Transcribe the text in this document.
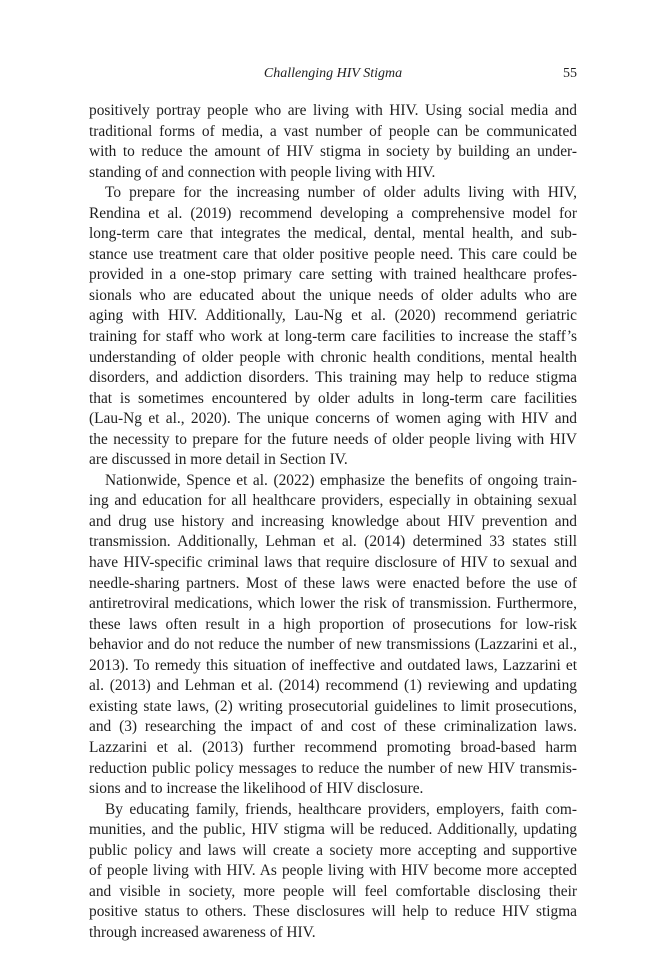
Challenging HIV Stigma	55
positively portray people who are living with HIV. Using social media and
traditional forms of media, a vast number of people can be communicated
with to reduce the amount of HIV stigma in society by building an under-
standing of and connection with people living with HIV.
To prepare for the increasing number of older adults living with HIV,
Rendina et al. (2019) recommend developing a comprehensive model for
long-term care that integrates the medical, dental, mental health, and sub-
stance use treatment care that older positive people need. This care could be
provided in a one-stop primary care setting with trained healthcare profes-
sionals who are educated about the unique needs of older adults who are
aging with HIV. Additionally, Lau-Ng et al. (2020) recommend geriatric
training for staff who work at long-term care facilities to increase the staff’s
understanding of older people with chronic health conditions, mental health
disorders, and addiction disorders. This training may help to reduce stigma
that is sometimes encountered by older adults in long-term care facilities
(Lau-Ng et al., 2020). The unique concerns of women aging with HIV and
the necessity to prepare for the future needs of older people living with HIV
are discussed in more detail in Section IV.
Nationwide, Spence et al. (2022) emphasize the benefits of ongoing train-
ing and education for all healthcare providers, especially in obtaining sexual
and drug use history and increasing knowledge about HIV prevention and
transmission. Additionally, Lehman et al. (2014) determined 33 states still
have HIV-specific criminal laws that require disclosure of HIV to sexual and
needle-sharing partners. Most of these laws were enacted before the use of
antiretroviral medications, which lower the risk of transmission. Furthermore,
these laws often result in a high proportion of prosecutions for low-risk
behavior and do not reduce the number of new transmissions (Lazzarini et al.,
2013). To remedy this situation of ineffective and outdated laws, Lazzarini et
al. (2013) and Lehman et al. (2014) recommend (1) reviewing and updating
existing state laws, (2) writing prosecutorial guidelines to limit prosecutions,
and (3) researching the impact of and cost of these criminalization laws.
Lazzarini et al. (2013) further recommend promoting broad-based harm
reduction public policy messages to reduce the number of new HIV transmis-
sions and to increase the likelihood of HIV disclosure.
By educating family, friends, healthcare providers, employers, faith com-
munities, and the public, HIV stigma will be reduced. Additionally, updating
public policy and laws will create a society more accepting and supportive
of people living with HIV. As people living with HIV become more accepted
and visible in society, more people will feel comfortable disclosing their
positive status to others. These disclosures will help to reduce HIV stigma
through increased awareness of HIV.
